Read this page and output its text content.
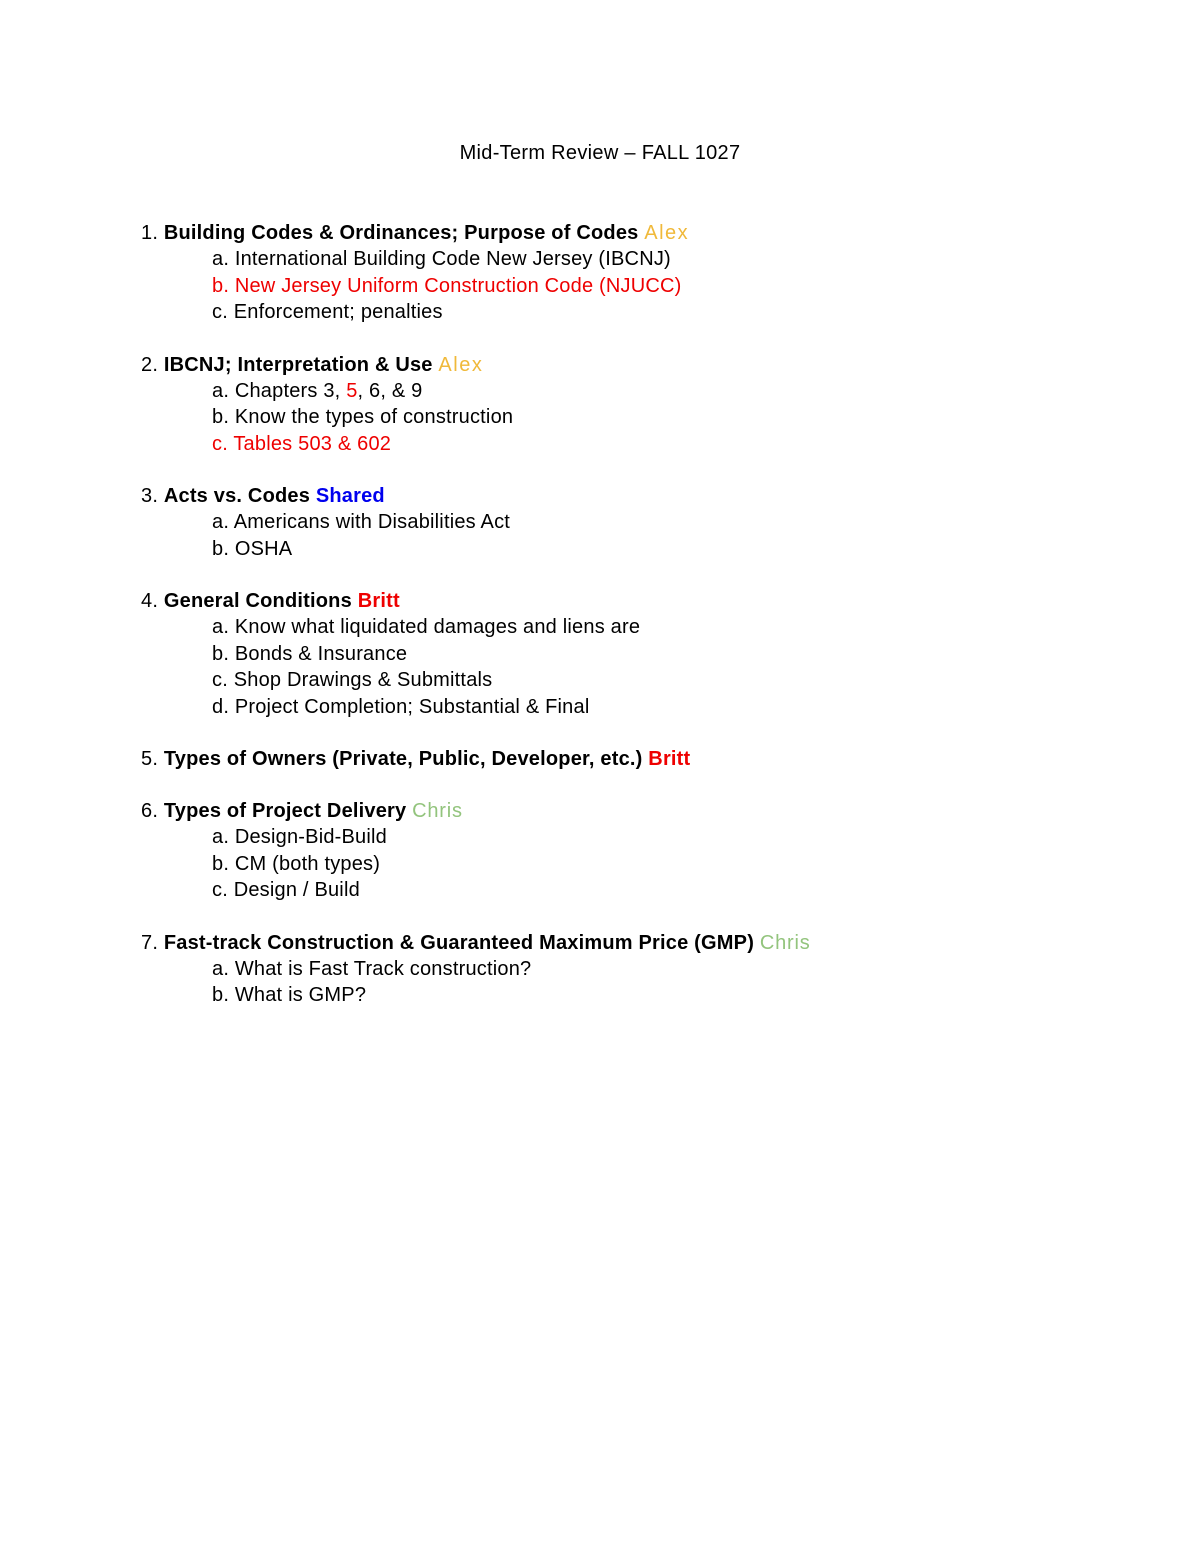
Mid-Term Review – FALL 1027
1. Building Codes & Ordinances; Purpose of Codes Alex
a. International Building Code New Jersey (IBCNJ)
b. New Jersey Uniform Construction Code (NJUCC)
c. Enforcement; penalties
2. IBCNJ; Interpretation & Use Alex
a. Chapters 3, 5, 6, & 9
b. Know the types of construction
c. Tables 503 & 602
3. Acts vs. Codes Shared
a. Americans with Disabilities Act
b. OSHA
4. General Conditions Britt
a. Know what liquidated damages and liens are
b. Bonds & Insurance
c. Shop Drawings & Submittals
d. Project Completion; Substantial & Final
5. Types of Owners (Private, Public, Developer, etc.) Britt
6. Types of Project Delivery Chris
a. Design-Bid-Build
b. CM (both types)
c. Design / Build
7. Fast-track Construction & Guaranteed Maximum Price (GMP) Chris
a. What is Fast Track construction?
b. What is GMP?
